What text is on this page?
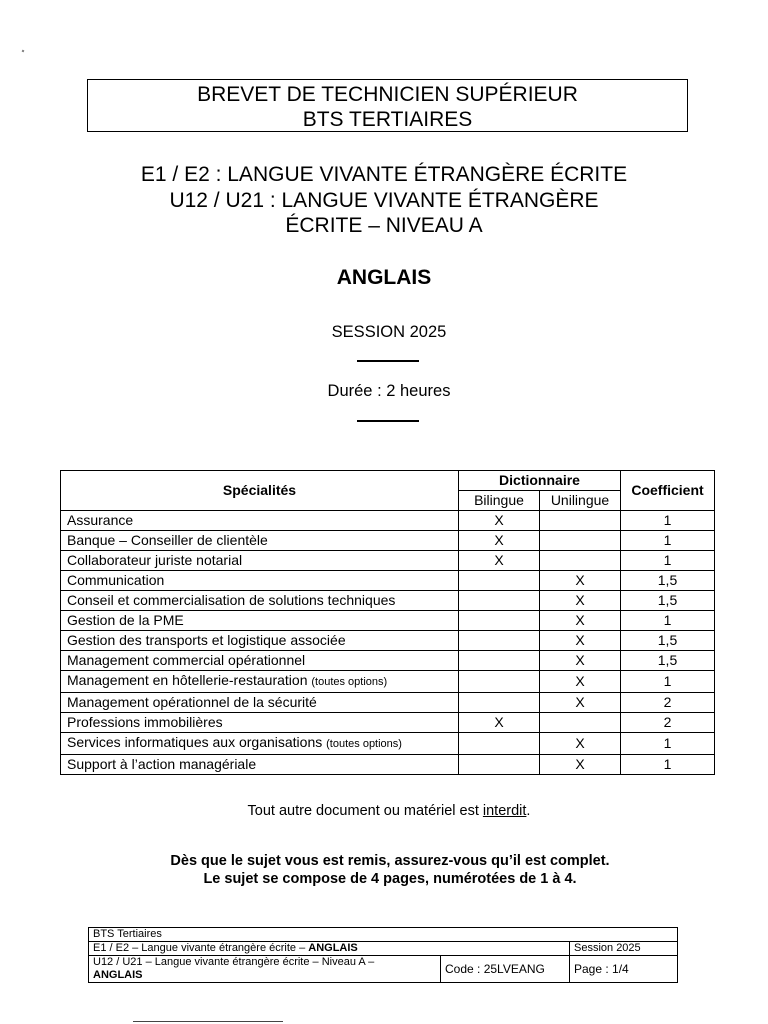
BREVET DE TECHNICIEN SUPÉRIEUR
BTS TERTIAIRES
E1 / E2 : LANGUE VIVANTE ÉTRANGÈRE ÉCRITE
U12 / U21 : LANGUE VIVANTE ÉTRANGÈRE
ÉCRITE – NIVEAU A
ANGLAIS
SESSION 2025
Durée : 2 heures
Spécialités	Dictionnaire		Coefficient
	Bilingue	Unilingue	
Assurance	X		1
Banque – Conseiller de clientèle	X		1
Collaborateur juriste notarial	X		1
Communication		X	1,5
Conseil et commercialisation de solutions techniques		X	1,5
Gestion de la PME		X	1
Gestion des transports et logistique associée		X	1,5
Management commercial opérationnel		X	1,5
Management en hôtellerie-restauration (toutes options)		X	1
Management opérationnel de la sécurité		X	2
Professions immobilières	X		2
Services informatiques aux organisations (toutes options)		X	1
Support à l’action managériale		X	1
Tout autre document ou matériel est interdit.
Dès que le sujet vous est remis, assurez-vous qu’il est complet.
Le sujet se compose de 4 pages, numérotées de 1 à 4.
BTS Tertiaires		
E1 / E2 – Langue vivante étrangère écrite – ANGLAIS		Session 2025
U12 / U21 – Langue vivante étrangère écrite – Niveau A –
ANGLAIS	Code : 25LVEANG	Page : 1/4
